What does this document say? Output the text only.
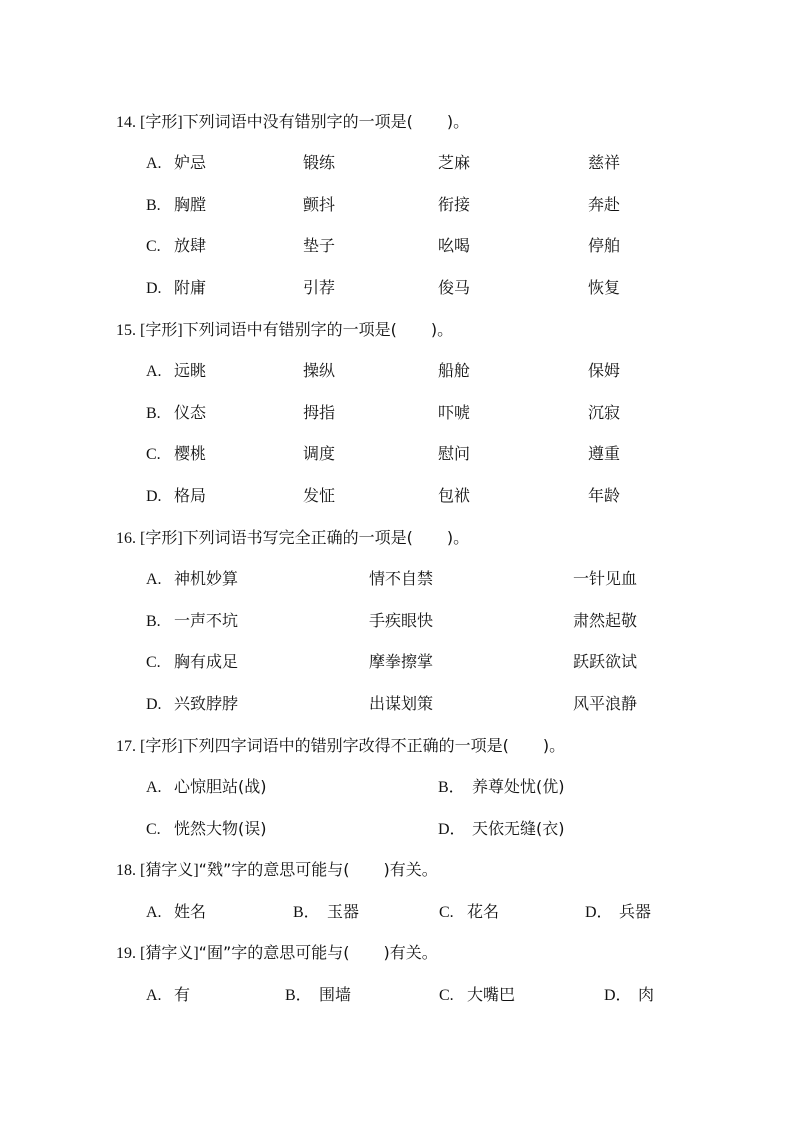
14. [字形]下列词语中没有错别字的一项是( )。
A. 妒忌	锻练	芝麻	慈祥
B. 胸膛	颤抖	衔接	奔赴
C. 放肆	垫子	吆喝	停舶
D. 附庸	引荐	俊马	恢复
15. [字形]下列词语中有错别字的一项是( )。
A. 远眺	操纵	船舱	保姆
B. 仪态	拇指	吓唬	沉寂
C. 樱桃	调度	慰问	遵重
D. 格局	发怔	包袱	年龄
16. [字形]下列词语书写完全正确的一项是( )。
A. 神机妙算	情不自禁	一针见血
B. 一声不坑	手疾眼快	肃然起敬
C. 胸有成足	摩拳擦掌	跃跃欲试
D. 兴致脖脖	出谋划策	风平浪静
17. [字形]下列四字词语中的错别字改得不正确的一项是( )。
A. 心惊胆站(战)	B． 养尊处忧(优)
C. 恍然大物(误)	D． 天依无缝(衣)
18. [猜字义]“戣”字的意思可能与( )有关。
A. 姓名	B． 玉器	C. 花名	D． 兵器
19. [猜字义]“囿”字的意思可能与( )有关。
A. 有	B． 围墙	C. 大嘴巴	D． 肉
